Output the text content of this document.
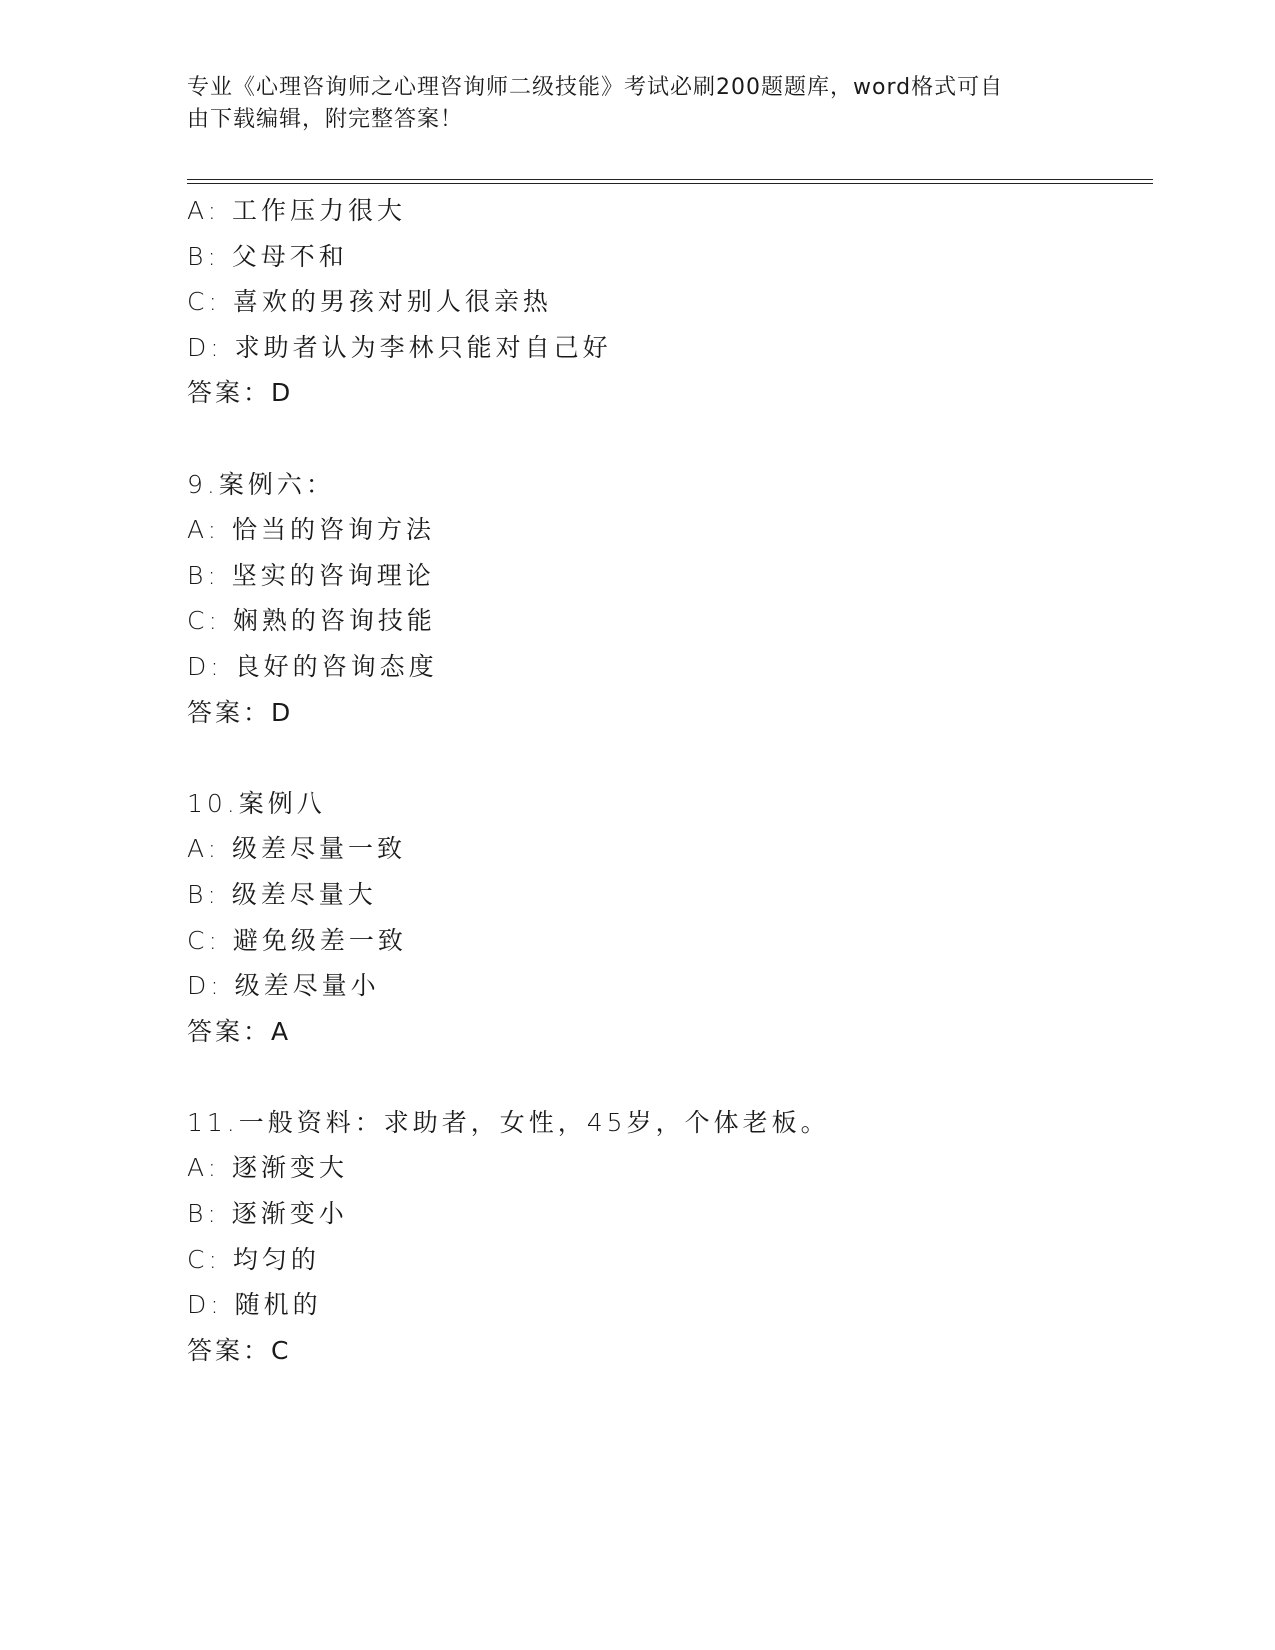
专业《心理咨询师之心理咨询师二级技能》考试必刷200题题库，word格式可自
由下载编辑，附完整答案！
A: 工作压力很大
B: 父母不和
C: 喜欢的男孩对别人很亲热
D: 求助者认为李林只能对自己好
答案：D
9.案例六：
A: 恰当的咨询方法
B: 坚实的咨询理论
C: 娴熟的咨询技能
D: 良好的咨询态度
答案：D
10.案例八
A: 级差尽量一致
B: 级差尽量大
C: 避免级差一致
D: 级差尽量小
答案：A
11.一般资料：求助者，女性，45岁，个体老板。
A: 逐渐变大
B: 逐渐变小
C: 均匀的
D: 随机的
答案：C
